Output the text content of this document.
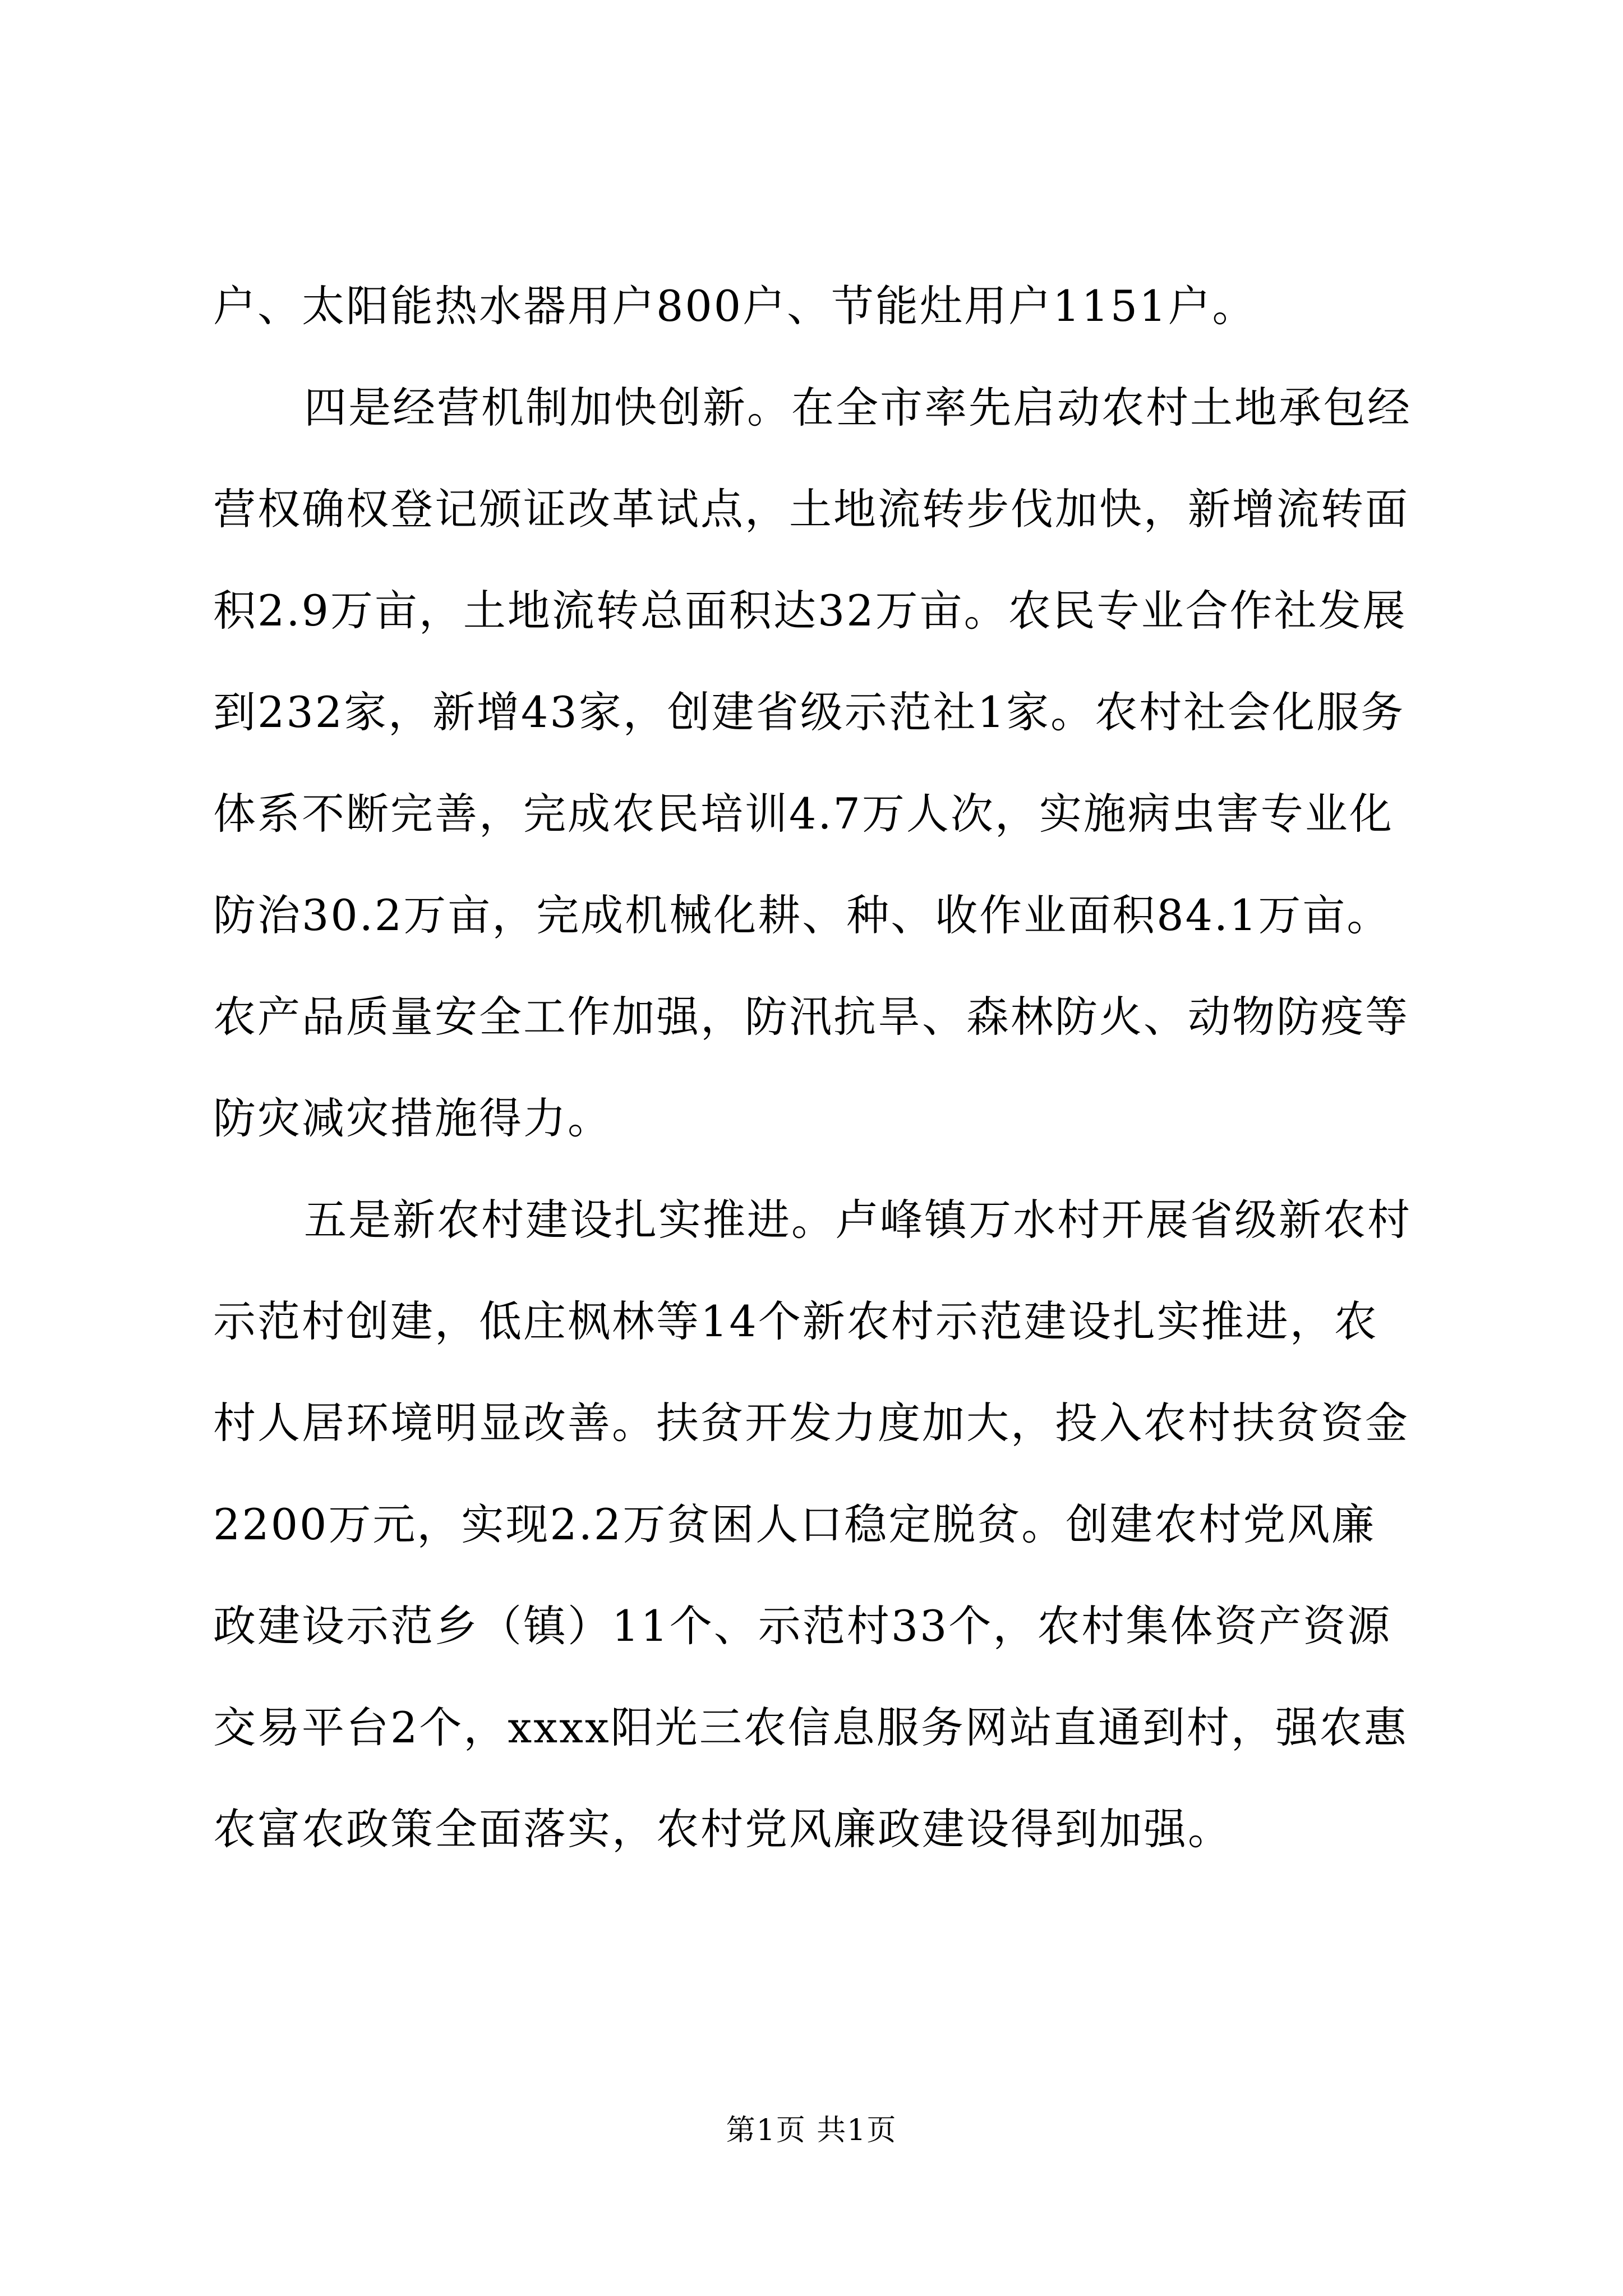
户、太阳能热水器用户800户、节能灶用户1151户。

四是经营机制加快创新。在全市率先启动农村土地承包经营权确权登记颁证改革试点，土地流转步伐加快，新增流转面积2.9万亩，土地流转总面积达32万亩。农民专业合作社发展到232家，新增43家，创建省级示范社1家。农村社会化服务体系不断完善，完成农民培训4.7万人次，实施病虫害专业化防治30.2万亩，完成机械化耕、种、收作业面积84.1万亩。农产品质量安全工作加强，防汛抗旱、森林防火、动物防疫等防灾减灾措施得力。

五是新农村建设扎实推进。卢峰镇万水村开展省级新农村示范村创建，低庄枫林等14个新农村示范建设扎实推进，农村人居环境明显改善。扶贫开发力度加大，投入农村扶贫资金2200万元，实现2.2万贫困人口稳定脱贫。创建农村党风廉政建设示范乡（镇）11个、示范村33个，农村集体资产资源交易平台2个，xxxx阳光三农信息服务网站直通到村，强农惠农富农政策全面落实，农村党风廉政建设得到加强。

第1页 共1页
